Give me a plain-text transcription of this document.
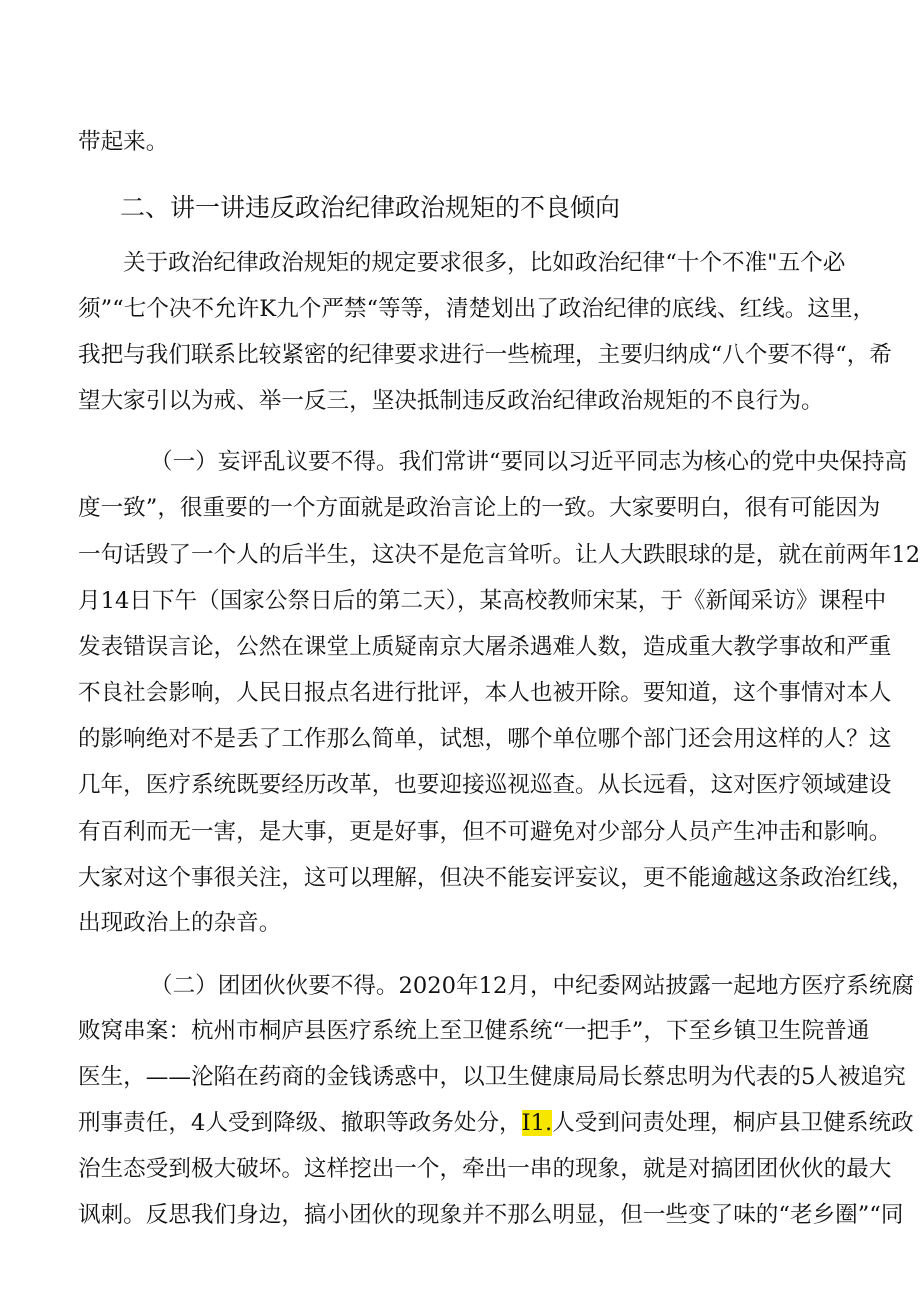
带起来。
二、讲一讲违反政治纪律政治规矩的不良倾向
关于政治纪律政治规矩的规定要求很多，比如政治纪律“十个不准"五个必
须”“七个决不允许K九个严禁“等等，清楚划出了政治纪律的底线、红线。这里，
我把与我们联系比较紧密的纪律要求进行一些梳理，主要归纳成“八个要不得“，希
望大家引以为戒、举一反三，坚决抵制违反政治纪律政治规矩的不良行为。
（一）妄评乱议要不得。我们常讲“要同以习近平同志为核心的党中央保持高
度一致”，很重要的一个方面就是政治言论上的一致。大家要明白，很有可能因为
一句话毁了一个人的后半生，这决不是危言耸听。让人大跌眼球的是，就在前两年12
月14日下午（国家公祭日后的第二天），某高校教师宋某，于《新闻采访》课程中
发表错误言论，公然在课堂上质疑南京大屠杀遇难人数，造成重大教学事故和严重
不良社会影响，人民日报点名进行批评，本人也被开除。要知道，这个事情对本人
的影响绝对不是丢了工作那么简单，试想，哪个单位哪个部门还会用这样的人？这
几年，医疗系统既要经历改革，也要迎接巡视巡查。从长远看，这对医疗领域建设
有百利而无一害，是大事，更是好事，但不可避免对少部分人员产生冲击和影响。
大家对这个事很关注，这可以理解，但决不能妄评妄议，更不能逾越这条政治红线，
出现政治上的杂音。
（二）团团伙伙要不得。2020年12月，中纪委网站披露一起地方医疗系统腐
败窝串案：杭州市桐庐县医疗系统上至卫健系统“一把手”，下至乡镇卫生院普通
医生，——沦陷在药商的金钱诱惑中，以卫生健康局局长蔡忠明为代表的5人被追究
刑事责任，4人受到降级、撤职等政务处分，I1.人受到问责处理，桐庐县卫健系统政
治生态受到极大破坏。这样挖出一个，牵出一串的现象，就是对搞团团伙伙的最大
讽刺。反思我们身边，搞小团伙的现象并不那么明显，但一些变了味的“老乡圈”“同
